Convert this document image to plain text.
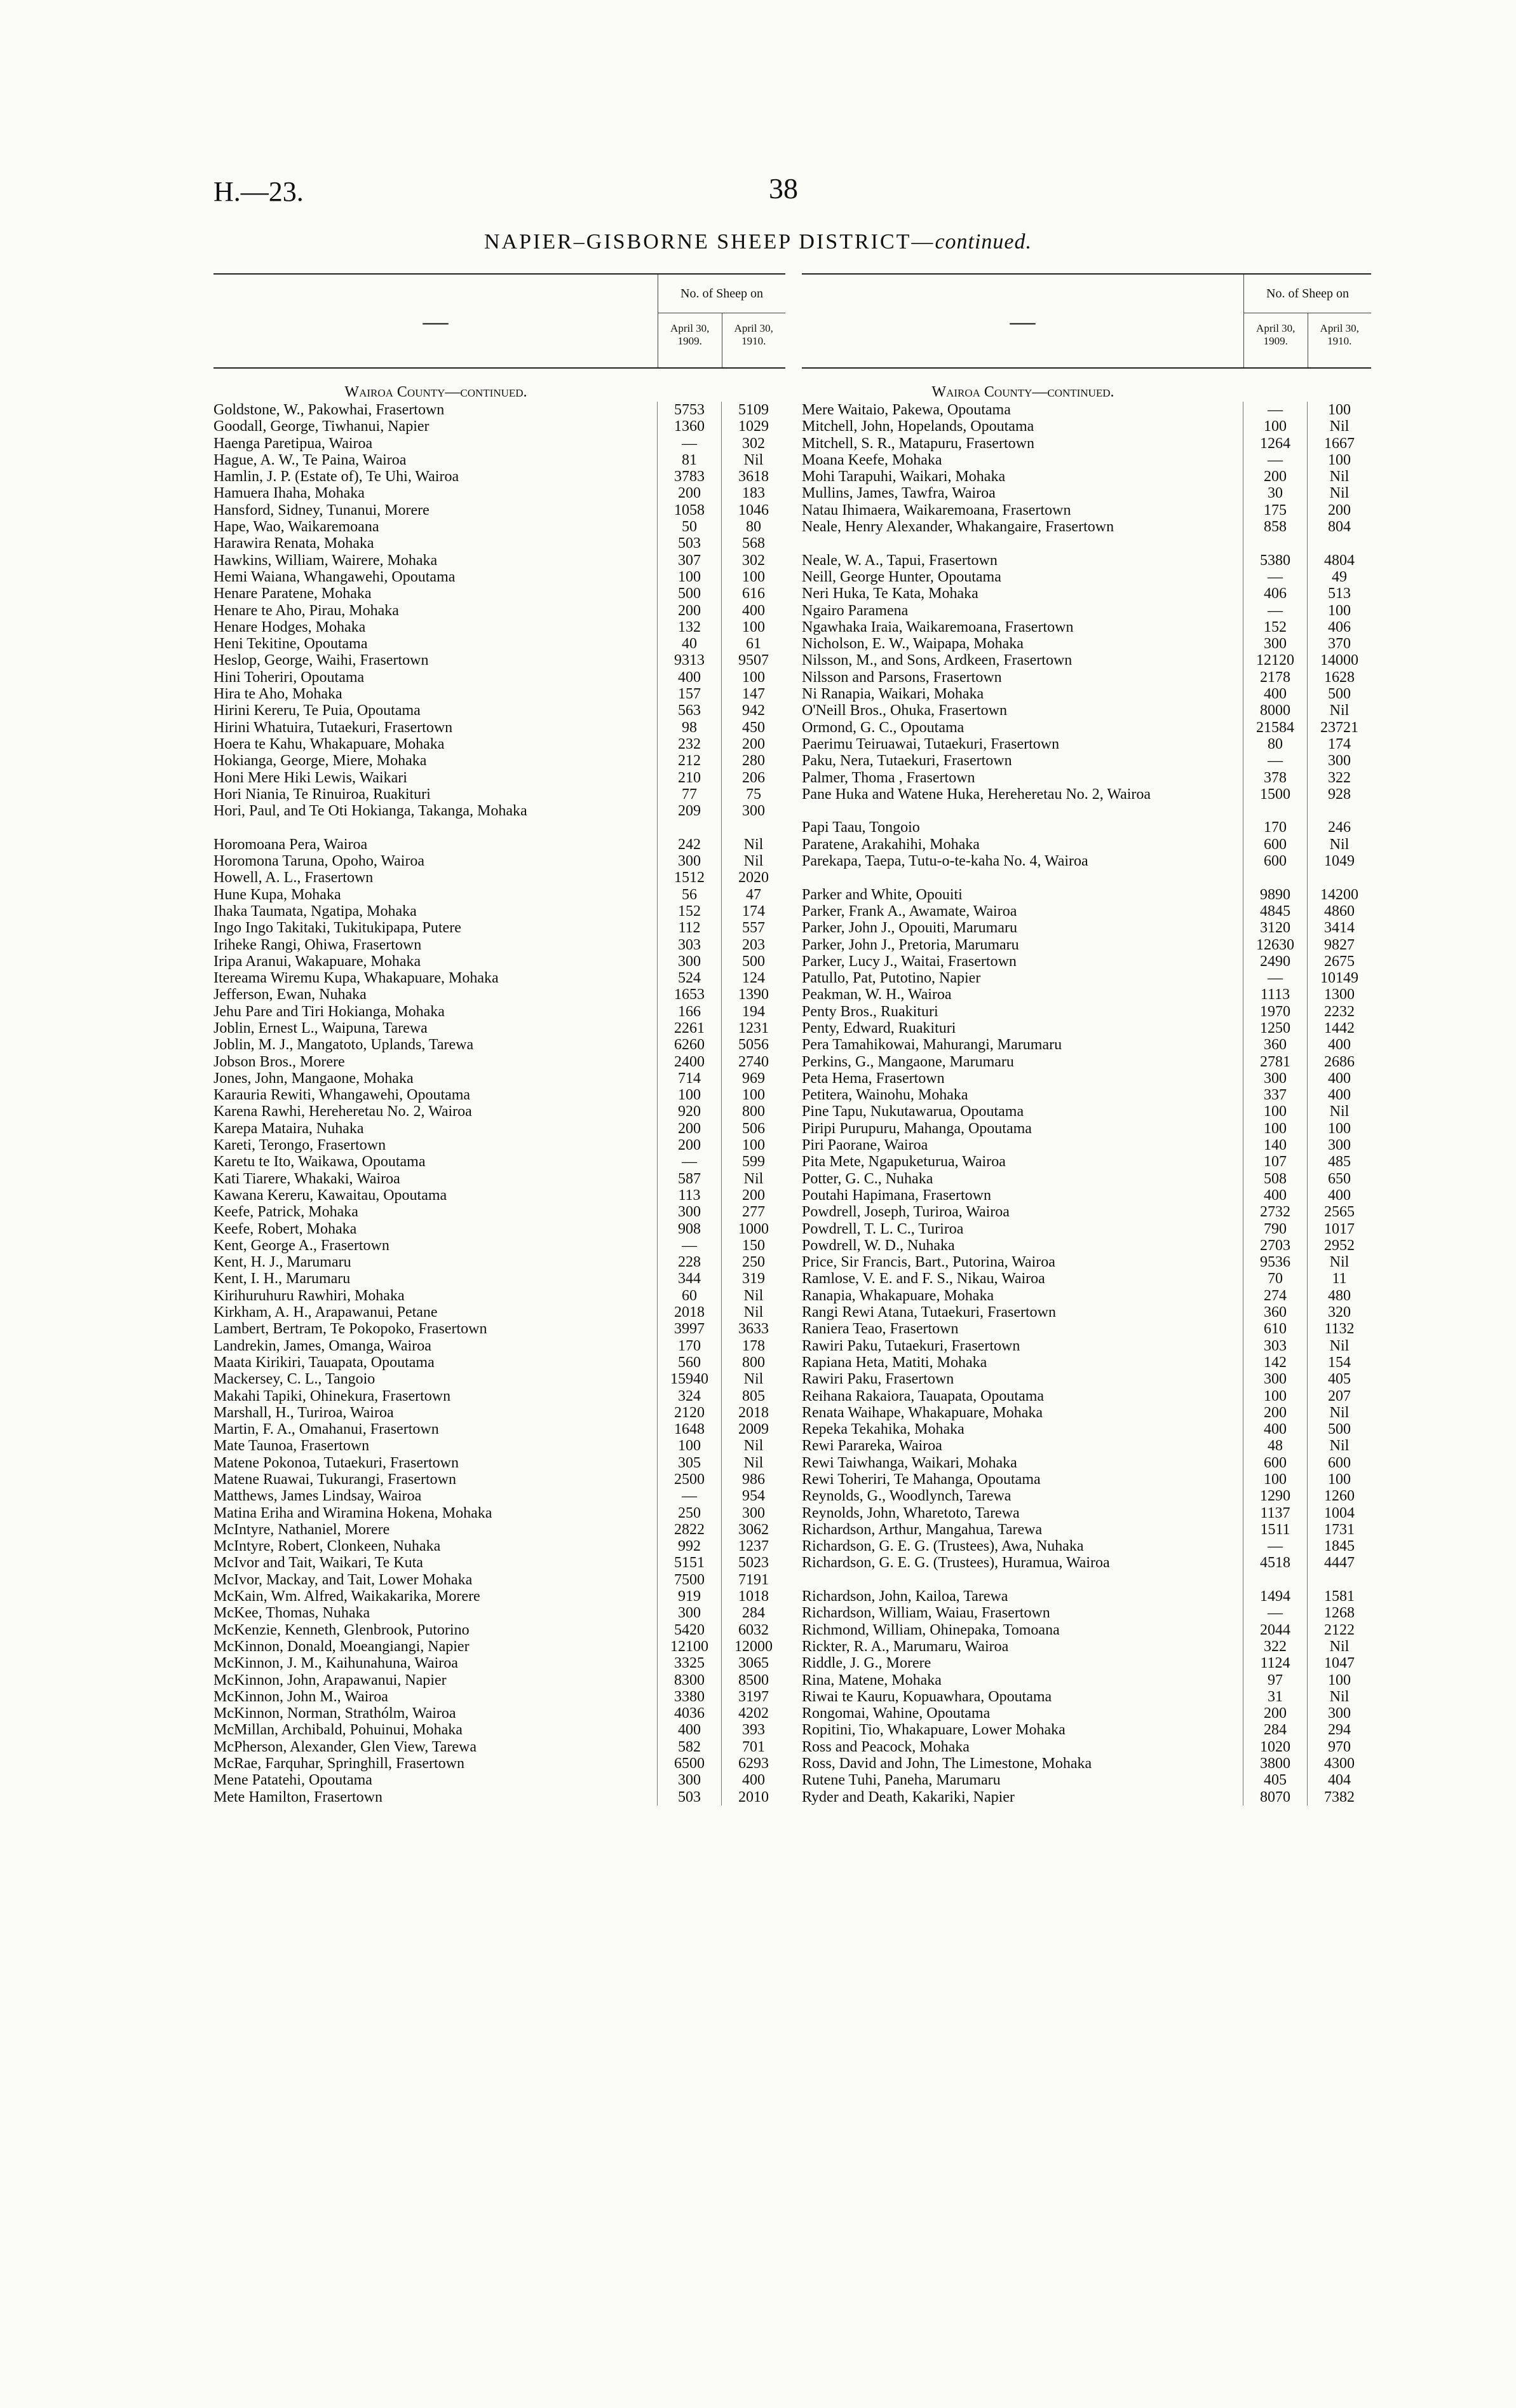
H.—23.	38
NAPIER–GISBORNE SHEEP DISTRICT—continued.
—
No. of Sheep on
April 30, 1909.
April 30, 1910.
Wairoa County—continued.
Goldstone, W., Pakowhai, Frasertown	5753	5109
Goodall, George, Tiwhanui, Napier	1360	1029
Haenga Paretipua, Wairoa	—	302
Hague, A. W., Te Paina, Wairoa	81	Nil
Hamlin, J. P. (Estate of), Te Uhi, Wairoa	3783	3618
Hamuera Ihaha, Mohaka	200	183
Hansford, Sidney, Tunanui, Morere	1058	1046
Hape, Wao, Waikaremoana	50	80
Harawira Renata, Mohaka	503	568
Hawkins, William, Wairere, Mohaka	307	302
Hemi Waiana, Whangawehi, Opoutama	100	100
Henare Paratene, Mohaka	500	616
Henare te Aho, Pirau, Mohaka	200	400
Henare Hodges, Mohaka	132	100
Heni Tekitine, Opoutama	40	61
Heslop, George, Waihi, Frasertown	9313	9507
Hini Toheriri, Opoutama	400	100
Hira te Aho, Mohaka	157	147
Hirini Kereru, Te Puia, Opoutama	563	942
Hirini Whatuira, Tutaekuri, Frasertown	98	450
Hoera te Kahu, Whakapuare, Mohaka	232	200
Hokianga, George, Miere, Mohaka	212	280
Honi Mere Hiki Lewis, Waikari	210	206
Hori Niania, Te Rinuiroa, Ruakituri	77	75
Hori, Paul, and Te Oti Hokianga, Takanga, Mohaka	209	300
Horomoana Pera, Wairoa	242	Nil
Horomona Taruna, Opoho, Wairoa	300	Nil
Howell, A. L., Frasertown	1512	2020
Hune Kupa, Mohaka	56	47
Ihaka Taumata, Ngatipa, Mohaka	152	174
Ingo Ingo Takitaki, Tukitukipapa, Putere	112	557
Iriheke Rangi, Ohiwa, Frasertown	303	203
Iripa Aranui, Wakapuare, Mohaka	300	500
Itereama Wiremu Kupa, Whakapuare, Mohaka	524	124
Jefferson, Ewan, Nuhaka	1653	1390
Jehu Pare and Tiri Hokianga, Mohaka	166	194
Joblin, Ernest L., Waipuna, Tarewa	2261	1231
Joblin, M. J., Mangatoto, Uplands, Tarewa	6260	5056
Jobson Bros., Morere	2400	2740
Jones, John, Mangaone, Mohaka	714	969
Karauria Rewiti, Whangawehi, Opoutama	100	100
Karena Rawhi, Hereheretau No. 2, Wairoa	920	800
Karepa Mataira, Nuhaka	200	506
Kareti, Terongo, Frasertown	200	100
Karetu te Ito, Waikawa, Opoutama	—	599
Kati Tiarere, Whakaki, Wairoa	587	Nil
Kawana Kereru, Kawaitau, Opoutama	113	200
Keefe, Patrick, Mohaka	300	277
Keefe, Robert, Mohaka	908	1000
Kent, George A., Frasertown	—	150
Kent, H. J., Marumaru	228	250
Kent, I. H., Marumaru	344	319
Kirihuruhuru Rawhiri, Mohaka	60	Nil
Kirkham, A. H., Arapawanui, Petane	2018	Nil
Lambert, Bertram, Te Pokopoko, Frasertown	3997	3633
Landrekin, James, Omanga, Wairoa	170	178
Maata Kirikiri, Tauapata, Opoutama	560	800
Mackersey, C. L., Tangoio	15940	Nil
Makahi Tapiki, Ohinekura, Frasertown	324	805
Marshall, H., Turiroa, Wairoa	2120	2018
Martin, F. A., Omahanui, Frasertown	1648	2009
Mate Taunoa, Frasertown	100	Nil
Matene Pokonoa, Tutaekuri, Frasertown	305	Nil
Matene Ruawai, Tukurangi, Frasertown	2500	986
Matthews, James Lindsay, Wairoa	—	954
Matina Eriha and Wiramina Hokena, Mohaka	250	300
McIntyre, Nathaniel, Morere	2822	3062
McIntyre, Robert, Clonkeen, Nuhaka	992	1237
McIvor and Tait, Waikari, Te Kuta	5151	5023
McIvor, Mackay, and Tait, Lower Mohaka	7500	7191
McKain, Wm. Alfred, Waikakarika, Morere	919	1018
McKee, Thomas, Nuhaka	300	284
McKenzie, Kenneth, Glenbrook, Putorino	5420	6032
McKinnon, Donald, Moeangiangi, Napier	12100	12000
McKinnon, J. M., Kaihunahuna, Wairoa	3325	3065
McKinnon, John, Arapawanui, Napier	8300	8500
McKinnon, John M., Wairoa	3380	3197
McKinnon, Norman, Strathólm, Wairoa	4036	4202
McMillan, Archibald, Pohuinui, Mohaka	400	393
McPherson, Alexander, Glen View, Tarewa	582	701
McRae, Farquhar, Springhill, Frasertown	6500	6293
Mene Patatehi, Opoutama	300	400
Mete Hamilton, Frasertown	503	2010
—
No. of Sheep on
April 30, 1909.
April 30, 1910.
Wairoa County—continued.
Mere Waitaio, Pakewa, Opoutama	—	100
Mitchell, John, Hopelands, Opoutama	100	Nil
Mitchell, S. R., Matapuru, Frasertown	1264	1667
Moana Keefe, Mohaka	—	100
Mohi Tarapuhi, Waikari, Mohaka	200	Nil
Mullins, James, Tawfra, Wairoa	30	Nil
Natau Ihimaera, Waikaremoana, Frasertown	175	200
Neale, Henry Alexander, Whakangaire, Frasertown	858	804
Neale, W. A., Tapui, Frasertown	5380	4804
Neill, George Hunter, Opoutama	—	49
Neri Huka, Te Kata, Mohaka	406	513
Ngairo Paramena	—	100
Ngawhaka Iraia, Waikaremoana, Frasertown	152	406
Nicholson, E. W., Waipapa, Mohaka	300	370
Nilsson, M., and Sons, Ardkeen, Frasertown	12120	14000
Nilsson and Parsons, Frasertown	2178	1628
Ni Ranapia, Waikari, Mohaka	400	500
O'Neill Bros., Ohuka, Frasertown	8000	Nil
Ormond, G. C., Opoutama	21584	23721
Paerimu Teiruawai, Tutaekuri, Frasertown	80	174
Paku, Nera, Tutaekuri, Frasertown	—	300
Palmer, Thoma , Frasertown	378	322
Pane Huka and Watene Huka, Hereheretau No. 2, Wairoa	1500	928
Papi Taau, Tongoio	170	246
Paratene, Arakahihi, Mohaka	600	Nil
Parekapa, Taepa, Tutu-o-te-kaha No. 4, Wairoa	600	1049
Parker and White, Opouiti	9890	14200
Parker, Frank A., Awamate, Wairoa	4845	4860
Parker, John J., Opouiti, Marumaru	3120	3414
Parker, John J., Pretoria, Marumaru	12630	9827
Parker, Lucy J., Waitai, Frasertown	2490	2675
Patullo, Pat, Putotino, Napier	—	10149
Peakman, W. H., Wairoa	1113	1300
Penty Bros., Ruakituri	1970	2232
Penty, Edward, Ruakituri	1250	1442
Pera Tamahikowai, Mahurangi, Marumaru	360	400
Perkins, G., Mangaone, Marumaru	2781	2686
Peta Hema, Frasertown	300	400
Petitera, Wainohu, Mohaka	337	400
Pine Tapu, Nukutawarua, Opoutama	100	Nil
Piripi Purupuru, Mahanga, Opoutama	100	100
Piri Paorane, Wairoa	140	300
Pita Mete, Ngapuketurua, Wairoa	107	485
Potter, G. C., Nuhaka	508	650
Poutahi Hapimana, Frasertown	400	400
Powdrell, Joseph, Turiroa, Wairoa	2732	2565
Powdrell, T. L. C., Turiroa	790	1017
Powdrell, W. D., Nuhaka	2703	2952
Price, Sir Francis, Bart., Putorina, Wairoa	9536	Nil
Ramlose, V. E. and F. S., Nikau, Wairoa	70	11
Ranapia, Whakapuare, Mohaka	274	480
Rangi Rewi Atana, Tutaekuri, Frasertown	360	320
Raniera Teao, Frasertown	610	1132
Rawiri Paku, Tutaekuri, Frasertown	303	Nil
Rapiana Heta, Matiti, Mohaka	142	154
Rawiri Paku, Frasertown	300	405
Reihana Rakaiora, Tauapata, Opoutama	100	207
Renata Waihape, Whakapuare, Mohaka	200	Nil
Repeka Tekahika, Mohaka	400	500
Rewi Parareka, Wairoa	48	Nil
Rewi Taiwhanga, Waikari, Mohaka	600	600
Rewi Toheriri, Te Mahanga, Opoutama	100	100
Reynolds, G., Woodlynch, Tarewa	1290	1260
Reynolds, John, Wharetoto, Tarewa	1137	1004
Richardson, Arthur, Mangahua, Tarewa	1511	1731
Richardson, G. E. G. (Trustees), Awa, Nuhaka	—	1845
Richardson, G. E. G. (Trustees), Huramua, Wairoa	4518	4447
Richardson, John, Kailoa, Tarewa	1494	1581
Richardson, William, Waiau, Frasertown	—	1268
Richmond, William, Ohinepaka, Tomoana	2044	2122
Rickter, R. A., Marumaru, Wairoa	322	Nil
Riddle, J. G., Morere	1124	1047
Rina, Matene, Mohaka	97	100
Riwai te Kauru, Kopuawhara, Opoutama	31	Nil
Rongomai, Wahine, Opoutama	200	300
Ropitini, Tio, Whakapuare, Lower Mohaka	284	294
Ross and Peacock, Mohaka	1020	970
Ross, David and John, The Limestone, Mohaka	3800	4300
Rutene Tuhi, Paneha, Marumaru	405	404
Ryder and Death, Kakariki, Napier	8070	7382
